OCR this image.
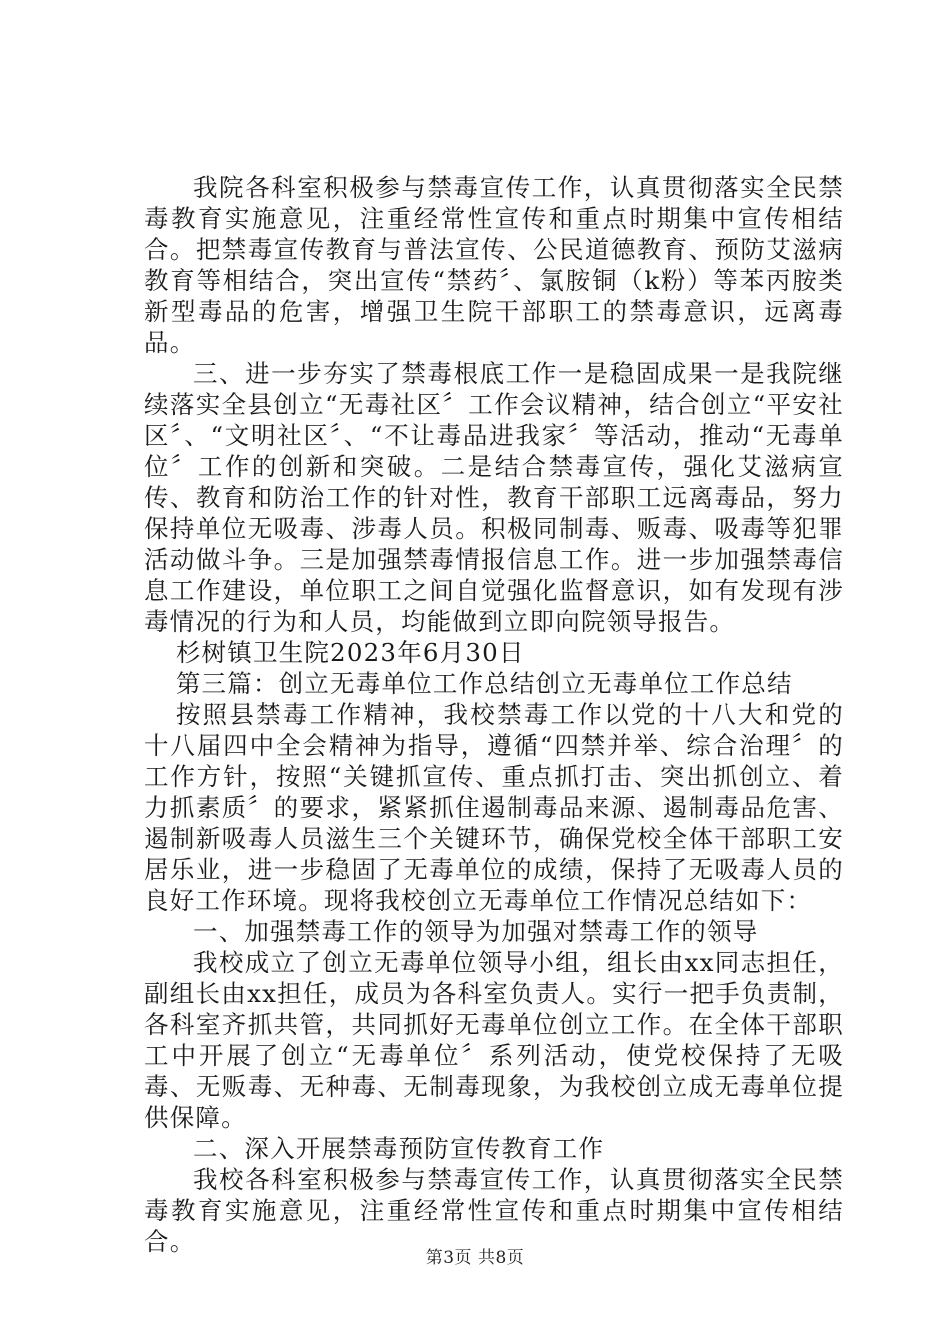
我院各科室积极参与禁毒宣传工作，认真贯彻落实全民禁毒教育实施意见，注重经常性宣传和重点时期集中宣传相结合。把禁毒宣传教育与普法宣传、公民道德教育、预防艾滋病教育等相结合，突出宣传“禁药〞、氯胺铜（k粉）等苯丙胺类新型毒品的危害，增强卫生院干部职工的禁毒意识，远离毒品。

三、进一步夯实了禁毒根底工作一是稳固成果一是我院继续落实全县创立“无毒社区〞工作会议精神，结合创立“平安社区〞、“文明社区〞、“不让毒品进我家〞等活动，推动“无毒单位〞工作的创新和突破。二是结合禁毒宣传，强化艾滋病宣传、教育和防治工作的针对性，教育干部职工远离毒品，努力保持单位无吸毒、涉毒人员。积极同制毒、贩毒、吸毒等犯罪活动做斗争。三是加强禁毒情报信息工作。进一步加强禁毒信息工作建设，单位职工之间自觉强化监督意识，如有发现有涉毒情况的行为和人员，均能做到立即向院领导报告。

杉树镇卫生院2023年6月30日

第三篇：创立无毒单位工作总结创立无毒单位工作总结

按照县禁毒工作精神，我校禁毒工作以党的十八大和党的十八届四中全会精神为指导，遵循“四禁并举、综合治理〞的工作方针，按照“关键抓宣传、重点抓打击、突出抓创立、着力抓素质〞的要求，紧紧抓住遏制毒品来源、遏制毒品危害、遏制新吸毒人员滋生三个关键环节，确保党校全体干部职工安居乐业，进一步稳固了无毒单位的成绩，保持了无吸毒人员的良好工作环境。现将我校创立无毒单位工作情况总结如下：

一、加强禁毒工作的领导为加强对禁毒工作的领导

我校成立了创立无毒单位领导小组，组长由xx同志担任，副组长由xx担任，成员为各科室负责人。实行一把手负责制，各科室齐抓共管，共同抓好无毒单位创立工作。在全体干部职工中开展了创立“无毒单位〞系列活动，使党校保持了无吸毒、无贩毒、无种毒、无制毒现象，为我校创立成无毒单位提供保障。

二、深入开展禁毒预防宣传教育工作

我校各科室积极参与禁毒宣传工作，认真贯彻落实全民禁毒教育实施意见，注重经常性宣传和重点时期集中宣传相结合。

第3页 共8页
